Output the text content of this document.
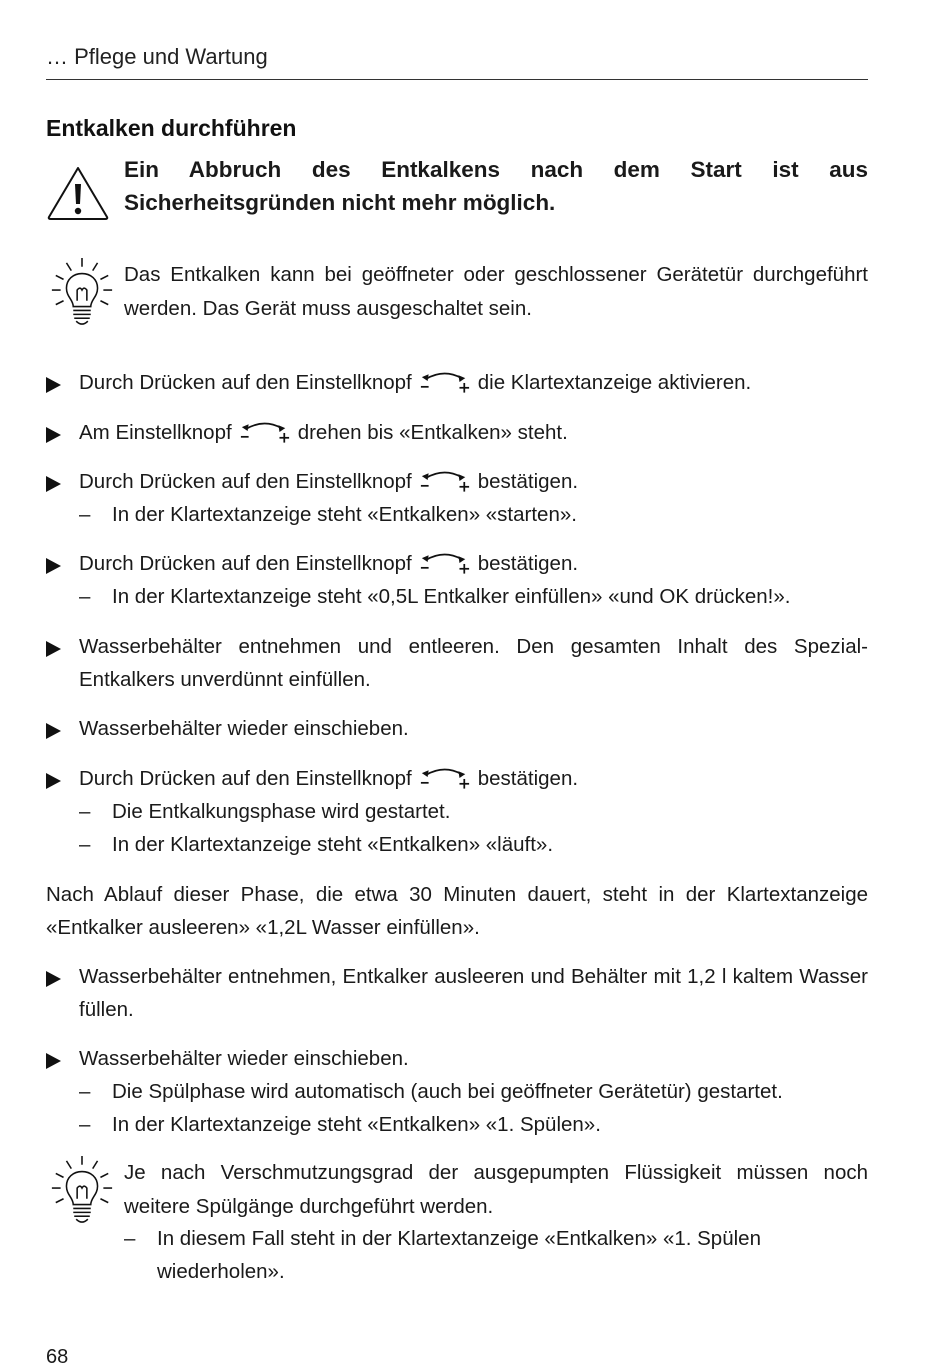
… Pflege und Wartung
Entkalken durchführen
Ein Abbruch des Entkalkens nach dem Start ist aus Sicherheitsgründen nicht mehr möglich.
Das Entkalken kann bei geöffneter oder geschlossener Gerätetür durchgeführt werden. Das Gerät muss ausgeschaltet sein.
Durch Drücken auf den Einstellknopf	die Klartextanzeige aktivieren.
Am Einstellknopf	drehen bis «Entkalken» steht.
Durch Drücken auf den Einstellknopf	bestätigen.
– In der Klartextanzeige steht «Entkalken» «starten».
Durch Drücken auf den Einstellknopf	bestätigen.
– In der Klartextanzeige steht «0,5L Entkalker einfüllen» «und OK drücken!».
Wasserbehälter entnehmen und entleeren. Den gesamten Inhalt des Spezial-Entkalkers unverdünnt einfüllen.
Wasserbehälter wieder einschieben.
Durch Drücken auf den Einstellknopf	bestätigen.
– Die Entkalkungsphase wird gestartet.
– In der Klartextanzeige steht «Entkalken» «läuft».
Nach Ablauf dieser Phase, die etwa 30 Minuten dauert, steht in der Klartextanzeige «Entkalker ausleeren» «1,2L Wasser einfüllen».
Wasserbehälter entnehmen, Entkalker ausleeren und Behälter mit 1,2 l kaltem Wasser füllen.
Wasserbehälter wieder einschieben.
– Die Spülphase wird automatisch (auch bei geöffneter Gerätetür) gestartet.
– In der Klartextanzeige steht «Entkalken» «1. Spülen».
Je nach Verschmutzungsgrad der ausgepumpten Flüssigkeit müssen noch weitere Spülgänge durchgeführt werden.
– In diesem Fall steht in der Klartextanzeige «Entkalken» «1. Spülen wiederholen».
68
